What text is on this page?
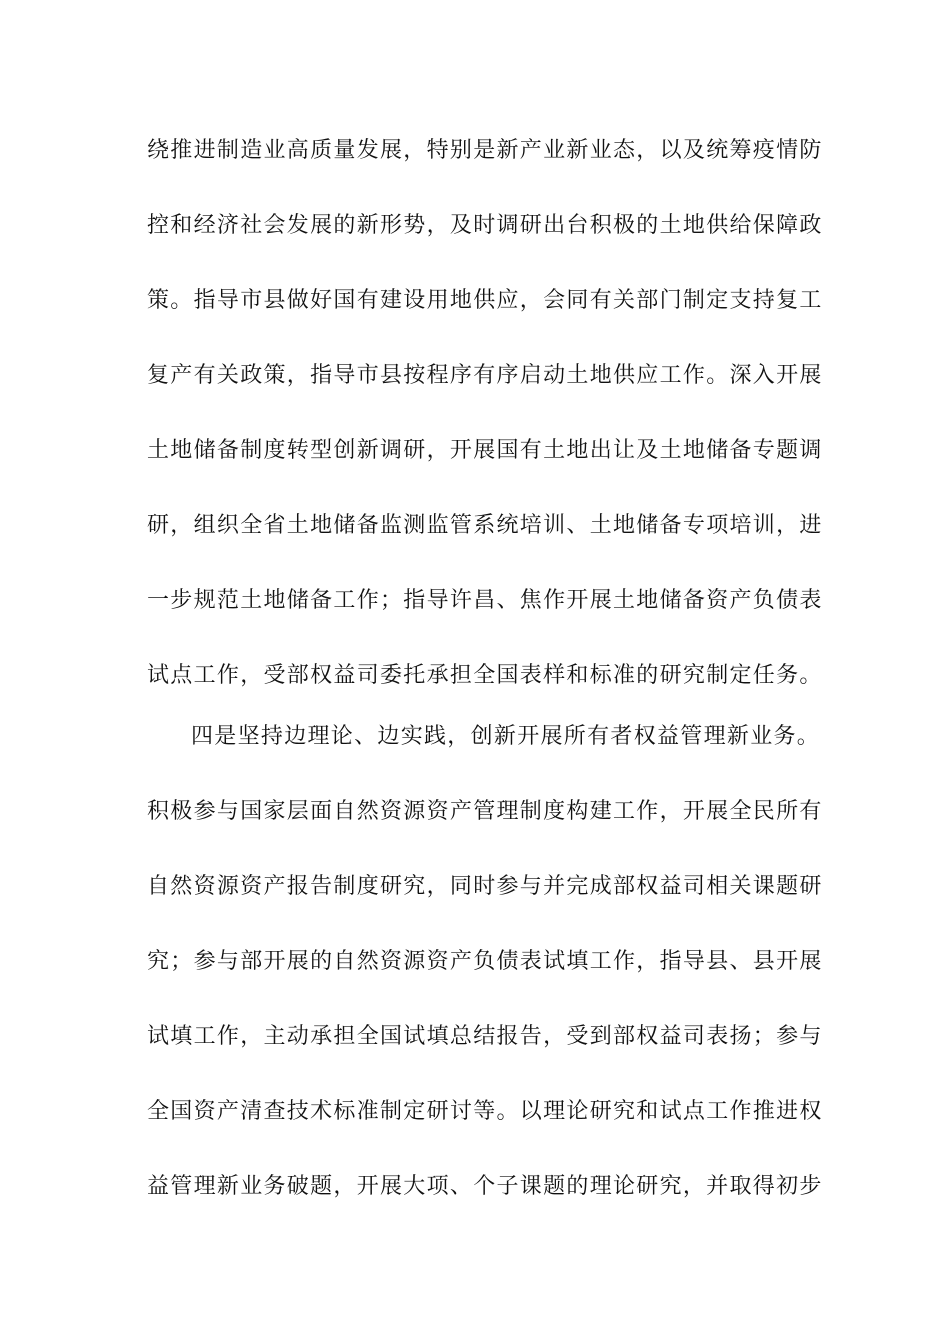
绕推进制造业高质量发展，特别是新产业新业态，以及统筹疫情防
控和经济社会发展的新形势，及时调研出台积极的土地供给保障政
策。指导市县做好国有建设用地供应，会同有关部门制定支持复工
复产有关政策，指导市县按程序有序启动土地供应工作。深入开展
土地储备制度转型创新调研，开展国有土地出让及土地储备专题调
研，组织全省土地储备监测监管系统培训、土地储备专项培训，进
一步规范土地储备工作；指导许昌、焦作开展土地储备资产负债表
试点工作，受部权益司委托承担全国表样和标准的研究制定任务。
四是坚持边理论、边实践，创新开展所有者权益管理新业务。
积极参与国家层面自然资源资产管理制度构建工作，开展全民所有
自然资源资产报告制度研究，同时参与并完成部权益司相关课题研
究；参与部开展的自然资源资产负债表试填工作，指导县、县开展
试填工作，主动承担全国试填总结报告，受到部权益司表扬；参与
全国资产清查技术标准制定研讨等。以理论研究和试点工作推进权
益管理新业务破题，开展大项、个子课题的理论研究，并取得初步
